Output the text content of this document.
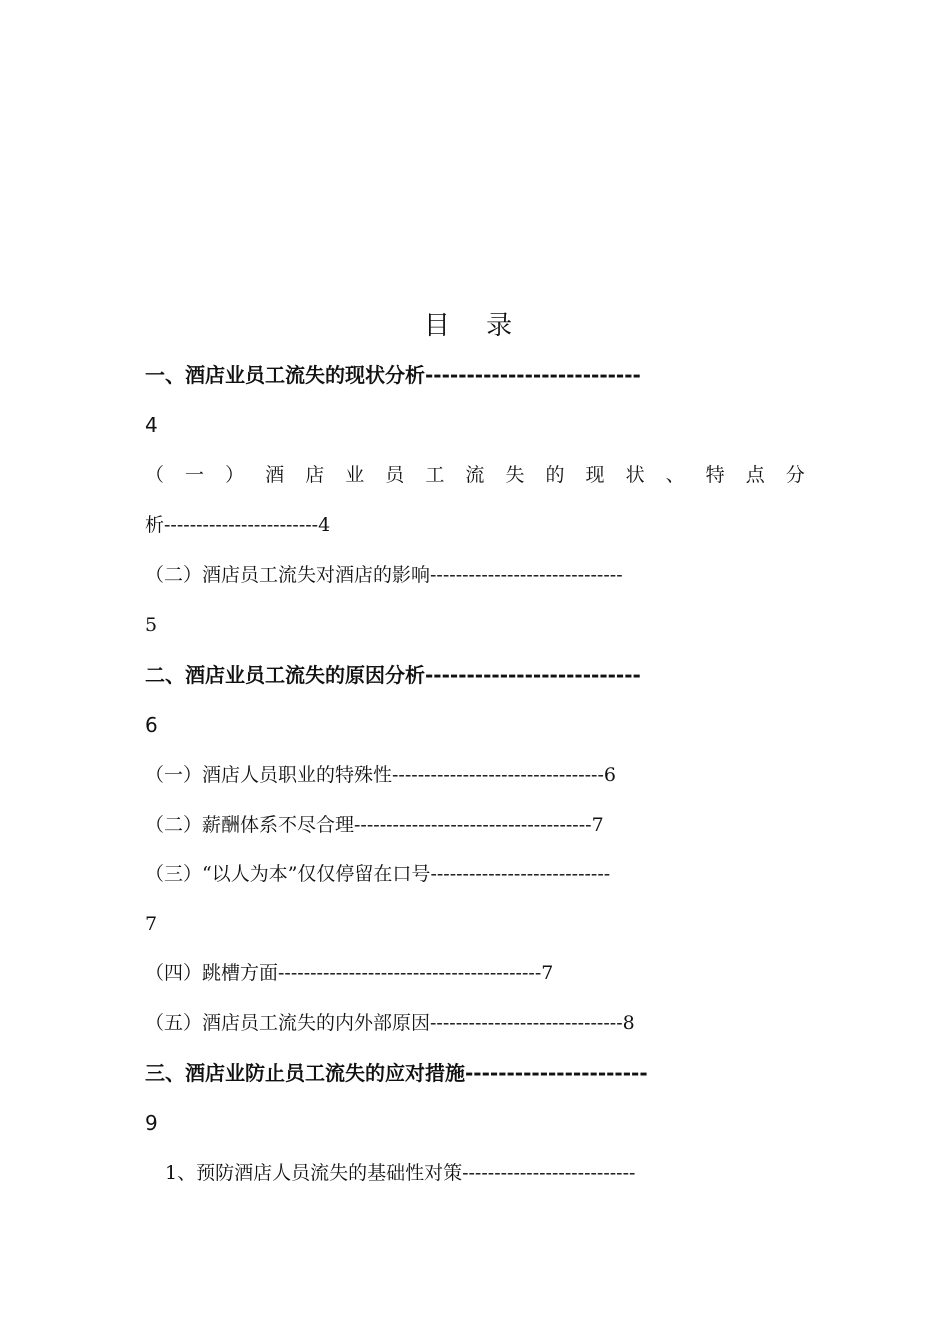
目 录
一、酒店业员工流失的现状分析--------------------------
4
（ 一 ） 酒 店 业 员 工 流 失 的 现 状 、 特 点 分
析------------------------4
（二）酒店员工流失对酒店的影响------------------------------
5
二、酒店业员工流失的原因分析--------------------------
6
（一）酒店人员职业的特殊性---------------------------------6
（二）薪酬体系不尽合理-------------------------------------7
（三）“以人为本”仅仅停留在口号----------------------------
7
（四）跳槽方面-----------------------------------------7
（五）酒店员工流失的内外部原因------------------------------8
三、酒店业防止员工流失的应对措施----------------------
9
1、预防酒店人员流失的基础性对策---------------------------
